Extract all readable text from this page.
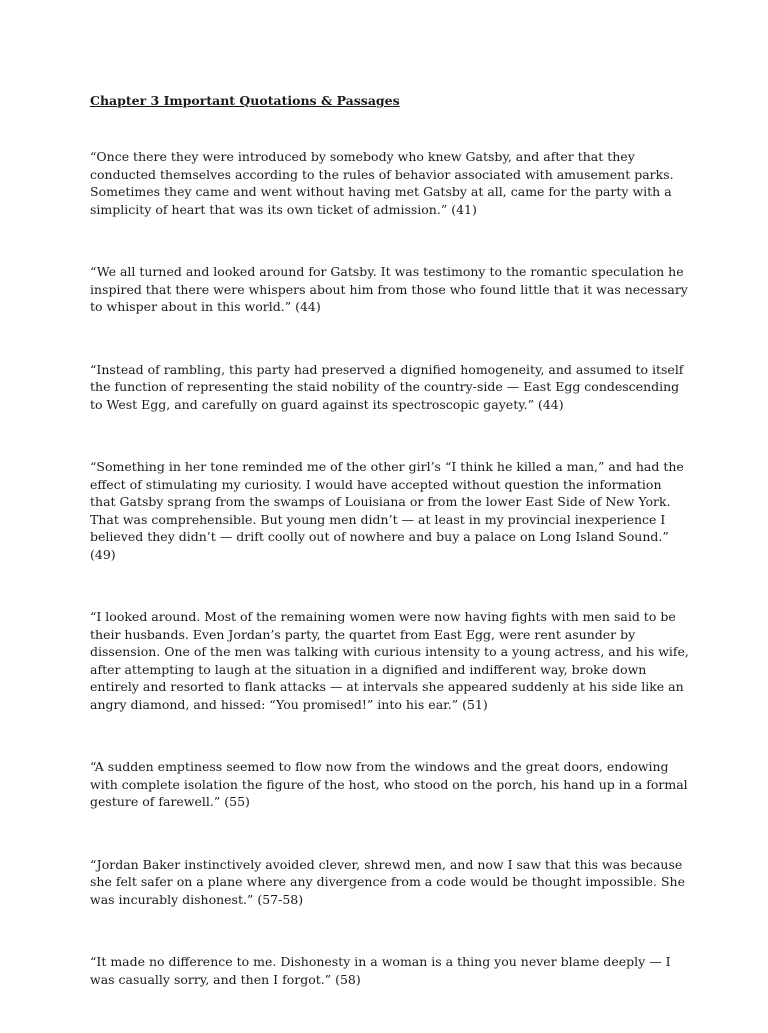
Chapter 3 Important Quotations & Passages

“Once there they were introduced by somebody who knew Gatsby, and after that they conducted themselves according to the rules of behavior associated with amusement parks. Sometimes they came and went without having met Gatsby at all, came for the party with a simplicity of heart that was its own ticket of admission.” (41)

“We all turned and looked around for Gatsby. It was testimony to the romantic speculation he inspired that there were whispers about him from those who found little that it was necessary to whisper about in this world.” (44)

“Instead of rambling, this party had preserved a dignified homogeneity, and assumed to itself the function of representing the staid nobility of the country-side — East Egg condescending to West Egg, and carefully on guard against its spectroscopic gayety.” (44)

“Something in her tone reminded me of the other girl’s “I think he killed a man,” and had the effect of stimulating my curiosity. I would have accepted without question the information that Gatsby sprang from the swamps of Louisiana or from the lower East Side of New York. That was comprehensible. But young men didn’t — at least in my provincial inexperience I believed they didn’t — drift coolly out of nowhere and buy a palace on Long Island Sound.” (49)

“I looked around. Most of the remaining women were now having fights with men said to be their husbands. Even Jordan’s party, the quartet from East Egg, were rent asunder by dissension. One of the men was talking with curious intensity to a young actress, and his wife, after attempting to laugh at the situation in a dignified and indifferent way, broke down entirely and resorted to flank attacks — at intervals she appeared suddenly at his side like an angry diamond, and hissed: “You promised!” into his ear.” (51)

“A sudden emptiness seemed to flow now from the windows and the great doors, endowing with complete isolation the figure of the host, who stood on the porch, his hand up in a formal gesture of farewell.” (55)

“Jordan Baker instinctively avoided clever, shrewd men, and now I saw that this was because she felt safer on a plane where any divergence from a code would be thought impossible. She was incurably dishonest.” (57-58)

“It made no difference to me. Dishonesty in a woman is a thing you never blame deeply — I was casually sorry, and then I forgot.” (58)
